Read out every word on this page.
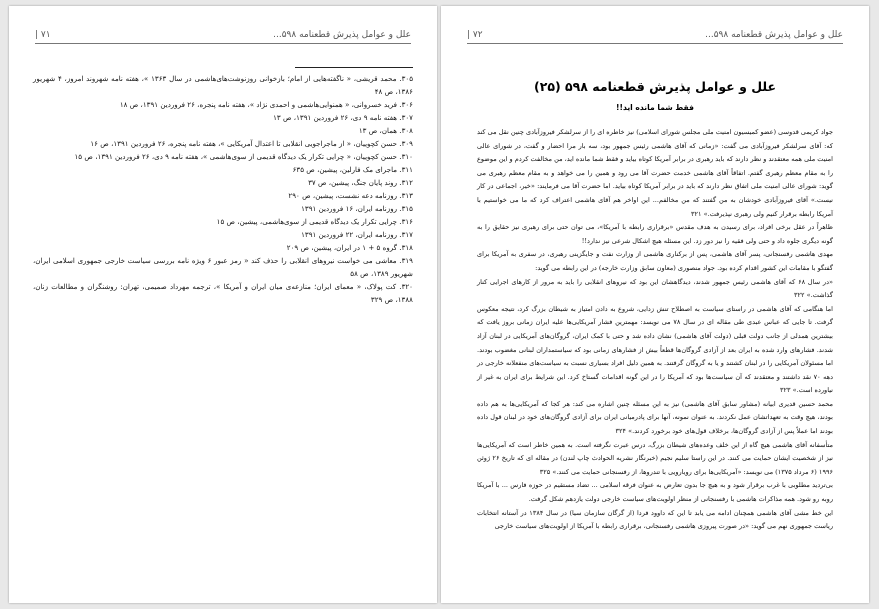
| ۷۱	علل و عوامل پذیرش قطعنامه ۵۹۸...

۳۰۵. محمد قریشی، « ناگفته‌هایی از امام؛ بازخوانی روزنوشت‌های‌هاشمی در سال ۱۳۶۳ »، هفته نامه شهروند امروز، ۴ شهریور ۱۳۸۶، ص ۴۸

۳۰۶. فرید خسروانی، « همنوایی‌هاشمی و احمدی نژاد »، هفته نامه پنجره، ۲۶ فروردین ۱۳۹۱، ص ۱۸

۳۰۷. هفته نامه ۹ دی، ۲۶ فروردین ۱۳۹۱، ص ۱۳

۳۰۸. همان، ص ۱۳

۳۰۹. حسن کچوییان، « از ماجراجویی انقلابی تا اعتدال آمریکایی »، هفته نامه پنجره، ۲۶ فروردین ۱۳۹۱، ص ۱۶

۳۱۰. حسن کچوییان، « چرایی تکرار یک دیدگاه قدیمی از سوی‌هاشمی »، هفته نامه ۹ دی، ۲۶ فروردین ۱۳۹۱، ص ۱۵

۳۱۱. ماجرای مک فارلین، پیشین، ص ۶۳۵

۳۱۲. روند پایان جنگ، پیشین، ص ۳۷

۳۱۳. روزنامه دعه نشست، پیشین، ص ۲۹۰

۳۱۵. روزنامه ایران، ۱۶ فروردین ۱۳۹۱

۳۱۶. چرایی تکرار یک دیدگاه قدیمی از سوی‌هاشمی، پیشین، ص ۱۵

۳۱۷. روزنامه ایران، ۲۲ فروردین ۱۳۹۱

۳۱۸. گروه ۵ + ۱ در ایران، پیشین، ص ۲۰۹

۳۱۹. معاشی می خواست نیروهای انقلابی را حذف کند « رمز عبور ۶ ویژه نامه بررسی سیاست خارجی جمهوری اسلامی ایران، شهریور ۱۳۸۹، ص ۵۸

۳۲۰. کت پولاک، « معمای ایران؛ منازعه‌ی میان ایران و آمریکا »، ترجمه مهرداد صمیمی، تهران: روشنگران و مطالعات زنان، ۱۳۸۸، ص ۳۲۹

| ۷۲	علل و عوامل پذیرش قطعنامه ۵۹۸...
علل و عوامل پذیرش قطعنامه ۵۹۸ (۲۵)
فقط شما مانده اید!!

جواد کریمی قدوسی (عضو کمیسیون امنیت ملی مجلس شورای اسلامی) نیز خاطره ای را از سرلشکر فیروزآبادی چنین نقل می کند که: آقای سرلشکر فیروزآبادی می گفت: «زمانی که آقای هاشمی رئیس جمهور بود، سه بار مرا احضار و گفت، در شورای عالی امنیت ملی همه معتقدند و نظر دارند که باید رهبری در برابر آمریکا کوتاه بیاید و فقط شما مانده اید، من مخالفت کردم و این موضوع را به مقام معظم رهبری گفتم. اتفاقاً آقای هاشمی خدمت حضرت آقا می رود و همین را می خواهد و به مقام معظم رهبری می گوید: شورای عالی امنیت ملی اتفاق نظر دارند که باید در برابر آمریکا کوتاه بیاید. اما حضرت آقا می فرمایند: «خیر، اجماعی در کار نیست.» آقای فیروزآبادی خودشان به من گفتند که من مخالفم... این اواخر هم آقای هاشمی اعتراف کرد که ما می خواستیم با آمریکا رابطه برقرار کنیم ولی رهبری نپذیرفت.» ۳۲۱

ظاهراً در عقل برخی افراد، برای رسیدن به هدف مقدس «برقراری رابطه با آمریکا»، می توان حتی برای رهبری نیز حقایق را به گونه دیگری جلوه داد و حتی ولی فقیه را نیز دور زد. این مسئله هیچ اشکال شرعی نیز ندارد!!

مهدی هاشمی رفسنجانی، پسر آقای هاشمی، پس از برکناری هاشمی از وزارت نفت و جایگزینی رهبری، در سفری به آمریکا برای گفتگو با مقامات این کشور اقدام کرده بود. جواد منصوری (معاون سابق وزارت خارجه) در این رابطه می گوید:

«در سال ۶۸ که آقای هاشمی رئیس جمهور شدند، دیدگاهشان این بود که نیروهای انقلابی را باید به مرور از کارهای اجرایی کنار گذاشت.» ۳۲۲

اما هنگامی که آقای هاشمی در راستای سیاست به اصطلاح تنش زدایی، شروع به دادن امتیاز به شیطان بزرگ کرد، نتیجه معکوس گرفت. تا جایی که عباس عبدی طی مقاله ای در سال ۷۸ می نویسد: مهمترین فشار آمریکایی‌ها علیه ایران زمانی بروز یافت که بیشترین همدلی از جانب دولت قبلی (دولت آقای هاشمی) نشان داده شد و حتی با کمک ایران، گروگان‌های آمریکایی در لبنان آزاد شدند. فشارهای وارد شده به ایران بعد از آزادی گروگان‌ها قطعاً بیش از فشارهای زمانی بود که سیاستمداران لبنانی مغضوب بودند. اما مسئولان آمریکایی را در لبنان کشتند و یا به گروگان گرفتند. به همین دلیل افراد بسیاری نسبت به سیاست‌های منفعلانه خارجی در دهه ۷۰ نقد داشتند و معتقدند که آن سیاست‌ها بود که آمریکا را در این گونه اقدامات گستاخ کرد. این شرایط برای ایران به غیر از نیاورده است.» ۳۲۳

محمد حسین قدیری ابیانه (مشاور سابق آقای هاشمی) نیز به این مسئله چنین اشاره می کند: هر کجا که آمریکایی‌ها به هم داده بودند، هیچ وقت به تعهداتشان عمل نکردند. به عنوان نمونه، آنها برای پادرمیانی ایران برای آزادی گروگان‌های خود در لبنان قول داده بودند اما عملاً پس از آزادی گروگان‌ها، برخلاف قول‌های خود برخورد کردند.» ۳۲۴

متأسفانه آقای هاشمی هیچ گاه از این خلف وعده‌های شیطان بزرگ، درس عبرت نگرفته است. به همین خاطر است که آمریکایی‌ها نیز از شخصیت ایشان حمایت می کنند. در این راستا سلیم نجیم (خبرنگار نشریه الحوادث چاپ لندن) در مقاله ای که تاریخ ۲۶ ژوئن ۱۹۹۶ (۶ مرداد ۱۳۷۵) می نویسد: «آمریکایی‌ها برای رویارویی با تندروها، از رفسنجانی حمایت می کنند.» ۳۲۵

بی‌تردید مطلوبی با غرب برقرار شود و به هیچ جا بدون تعارض به عنوان فرقه اسلامی ... تضاد مستقیم در حوزه فارس ... با آمریکا روبه رو شود. همه مذاکرات هاشمی با رفسنجانی از منظر اولویت‌های سیاست خارجی دولت یازدهم شکل گرفت.

این خط مشی آقای هاشمی همچنان ادامه می یابد تا این که داوود فردا (از گرگان سازمان سیا) در سال ۱۳۸۴ در آستانه انتخابات ریاست جمهوری نهم می گوید: «در صورت پیروزی هاشمی رفسنجانی، برقراری رابطه با آمریکا از اولویت‌های سیاست خارجی
